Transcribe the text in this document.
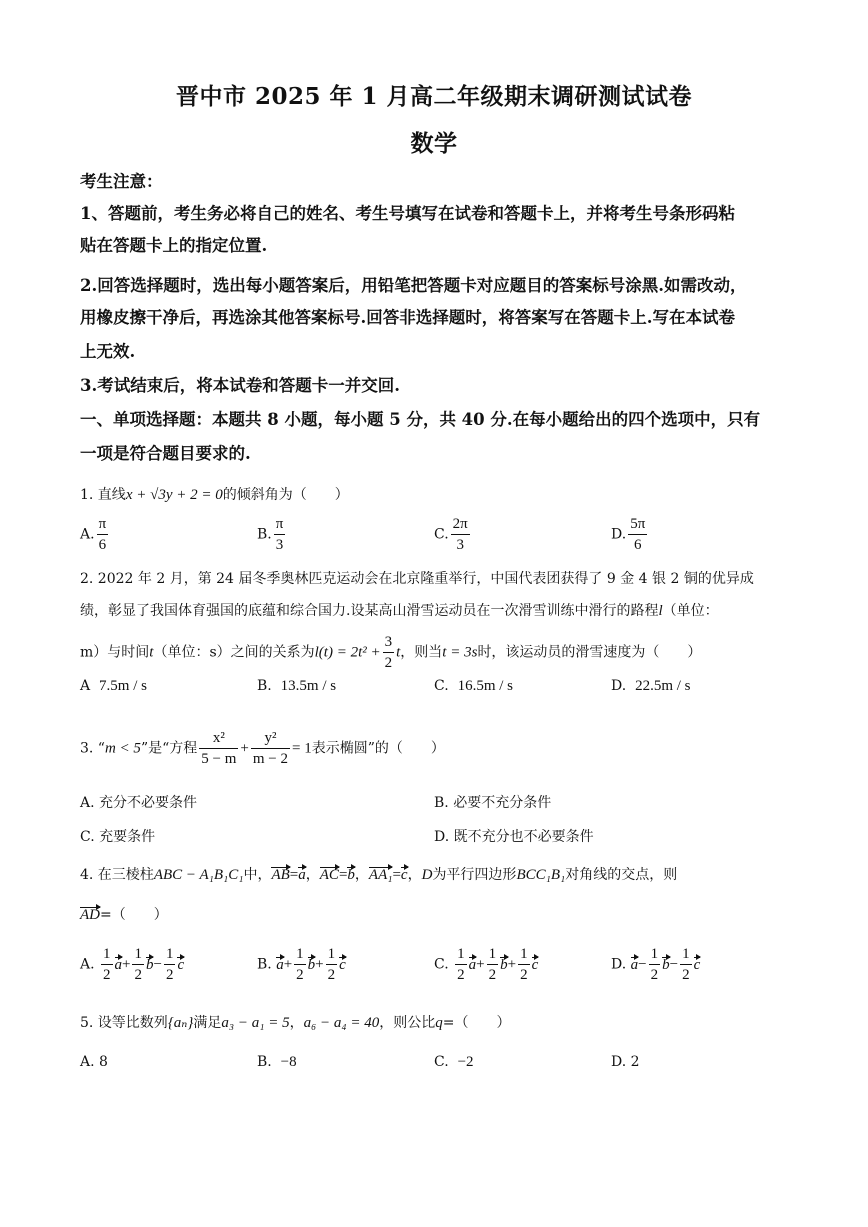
晋中市 2025 年 1 月高二年级期末调研测试试卷
数学
考生注意：
1、答题前，考生务必将自己的姓名、考生号填写在试卷和答题卡上，并将考生号条形码粘
贴在答题卡上的指定位置.
2.回答选择题时，选出每小题答案后，用铅笔把答题卡对应题目的答案标号涂黑.如需改动，
用橡皮擦干净后，再选涂其他答案标号.回答非选择题时，将答案写在答题卡上.写在本试卷
上无效.
3.考试结束后，将本试卷和答题卡一并交回.
一、单项选择题：本题共 8 小题，每小题 5 分，共 40 分.在每小题给出的四个选项中，只有
一项是符合题目要求的.
1. 直线x + √3y + 2 = 0的倾斜角为（　　）
A. $\frac{\pi}{6}$	B. $\frac{\pi}{3}$	C. $\frac{2\pi}{3}$	D. $\frac{5\pi}{6}$
2. 2022 年 2 月，第 24 届冬季奥林匹克运动会在北京隆重举行，中国代表团获得了 9 金 4 银 2 铜的优异成
绩，彰显了我国体育强国的底蕴和综合国力.设某高山滑雪运动员在一次滑雪训练中滑行的路程l（单位：
m）与时间t（单位：s）之间的关系为$l(t) = 2t^2 + \frac{3}{2}$ t，则当t = 3s时，该运动员的滑雪速度为（　　）
A 7.5m / s	B. 13.5m / s	C. 16.5m / s	D. 22.5m / s
3. “m < 5”是“方程 $\frac{\text{x²}}{5 - m} + \frac{\text{y²}}{m - 2} = 1$表示椭圆”的（　　）
A. 充分不必要条件	B. 必要不充分条件
C. 充要条件	D. 既不充分也不必要条件
4. 在三棱柱ABC − A₁B₁C₁中，AB=a，AC=b，AA₁=c，D为平行四边形BCC₁B₁对角线的交点，则
AD=（　　）
A. $\frac{1}{2} a+ \frac{1}{2} b- \frac{1}{2}$ c	B. $a+ \frac{1}{2} b+ \frac{1}{2}$ c	C. $\frac{1}{2} a+ \frac{1}{2} b+ \frac{1}{2}$ c	D. $a- \frac{1}{2} b- \frac{1}{2}$ c
5. 设等比数列{aₙ}满足a₃ − a₁ = 5，a₆ − a₄ = 40，则公比q=（　　）
A. 8	B. −8	C. −2	D. 2
